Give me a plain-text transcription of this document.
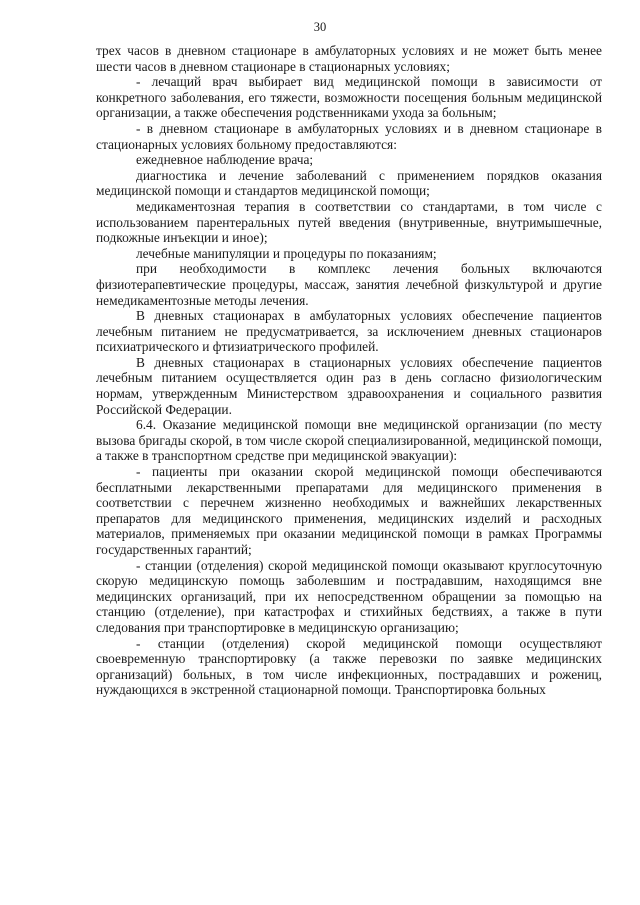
30

трех часов в дневном стационаре в амбулаторных условиях и не может быть менее шести часов в дневном стационаре в стационарных условиях;

- лечащий врач выбирает вид медицинской помощи в зависимости от конкретного заболевания, его тяжести, возможности посещения больным медицинской организации, а также обеспечения родственниками ухода за больным;

- в дневном стационаре в амбулаторных условиях и в дневном стационаре в стационарных условиях больному предоставляются:

ежедневное наблюдение врача;

диагностика и лечение заболеваний с применением порядков оказания медицинской помощи и стандартов медицинской помощи;

медикаментозная терапия в соответствии со стандартами, в том числе с использованием парентеральных путей введения (внутривенные, внутримышечные, подкожные инъекции и иное);

лечебные манипуляции и процедуры по показаниям;

при необходимости в комплекс лечения больных включаются физиотерапевтические процедуры, массаж, занятия лечебной физкультурой и другие немедикаментозные методы лечения.

В дневных стационарах в амбулаторных условиях обеспечение пациентов лечебным питанием не предусматривается, за исключением дневных стационаров психиатрического и фтизиатрического профилей.

В дневных стационарах в стационарных условиях обеспечение пациентов лечебным питанием осуществляется один раз в день согласно физиологическим нормам, утвержденным Министерством здравоохранения и социального развития Российской Федерации.

6.4. Оказание медицинской помощи вне медицинской организации (по месту вызова бригады скорой, в том числе скорой специализированной, медицинской помощи, а также в транспортном средстве при медицинской эвакуации):

- пациенты при оказании скорой медицинской помощи обеспечиваются бесплатными лекарственными препаратами для медицинского применения в соответствии с перечнем жизненно необходимых и важнейших лекарственных препаратов для медицинского применения, медицинских изделий и расходных материалов, применяемых при оказании медицинской помощи в рамках Программы государственных гарантий;

- станции (отделения) скорой медицинской помощи оказывают круглосуточную скорую медицинскую помощь заболевшим и пострадавшим, находящимся вне медицинских организаций, при их непосредственном обращении за помощью на станцию (отделение), при катастрофах и стихийных бедствиях, а также в пути следования при транспортировке в медицинскую организацию;

- станции (отделения) скорой медицинской помощи осуществляют своевременную транспортировку (а также перевозки по заявке медицинских организаций) больных, в том числе инфекционных, пострадавших и рожениц, нуждающихся в экстренной стационарной помощи. Транспортировка больных
